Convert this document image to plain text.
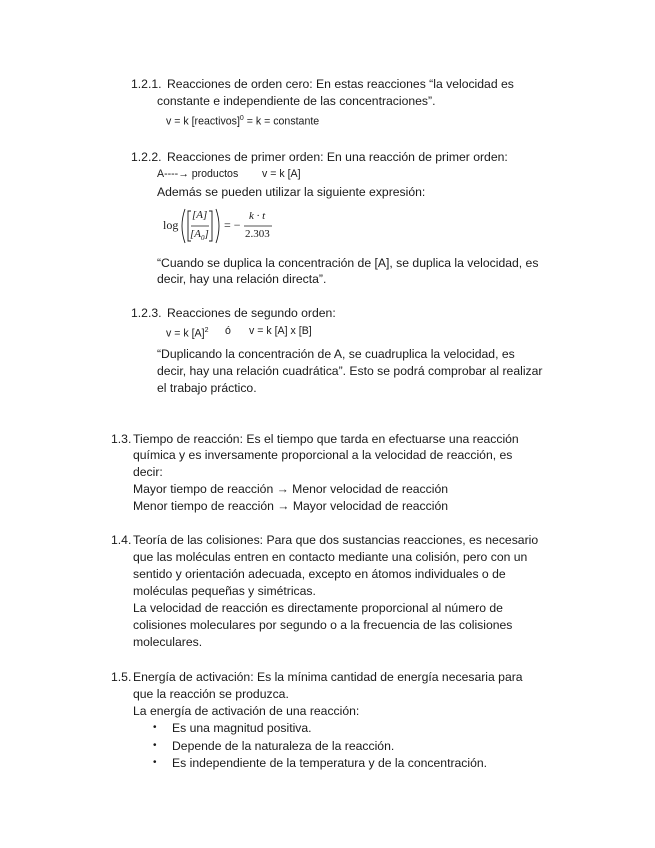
1.2.1. Reacciones de orden cero: En estas reacciones “la velocidad es
constante e independiente de las concentraciones”.
v = k [reactivos]$^0$ = k = constante
1.2.2. Reacciones de primer orden: En una reacción de primer orden:
A----→ productos v = k [A]
Además se pueden utilizar la siguiente expresión:
log
[A]
$[A_0]$
= −
k · t
2.303
“Cuando se duplica la concentración de [A], se duplica la velocidad, es
decir, hay una relación directa”.
1.2.3. Reacciones de segundo orden:
v = k $[A]^2$ ó v = k [A] x [B]
“Duplicando la concentración de A, se cuadruplica la velocidad, es
decir, hay una relación cuadrática”. Esto se podrá comprobar al realizar
el trabajo práctico.
1.3. Tiempo de reacción: Es el tiempo que tarda en efectuarse una reacción
química y es inversamente proporcional a la velocidad de reacción, es
decir:
Mayor tiempo de reacción → Menor velocidad de reacción
Menor tiempo de reacción → Mayor velocidad de reacción
1.4. Teoría de las colisiones: Para que dos sustancias reacciones, es necesario
que las moléculas entren en contacto mediante una colisión, pero con un
sentido y orientación adecuada, excepto en átomos individuales o de
moléculas pequeñas y simétricas.
La velocidad de reacción es directamente proporcional al número de
colisiones moleculares por segundo o a la frecuencia de las colisiones
moleculares.
1.5. Energía de activación: Es la mínima cantidad de energía necesaria para
que la reacción se produzca.
La energía de activación de una reacción:
• Es una magnitud positiva.
• Depende de la naturaleza de la reacción.
• Es independiente de la temperatura y de la concentración.
